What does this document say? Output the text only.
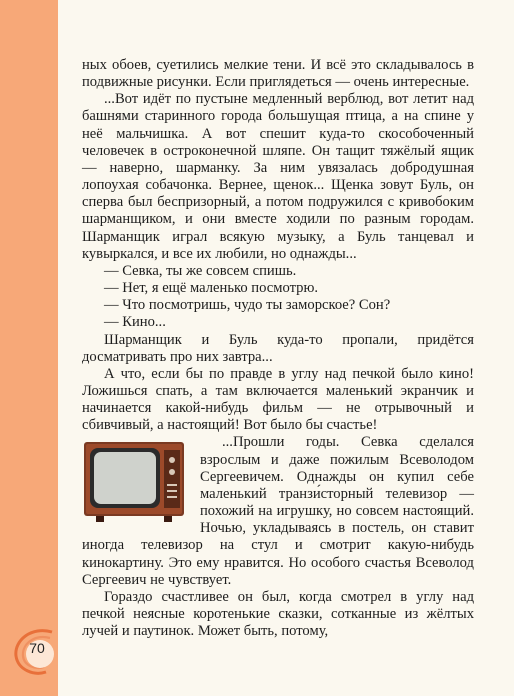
70

ных обоев, суетились мелкие тени. И всё это складывалось в подвижные рисунки. Если приглядеться — очень интересные.

...Вот идёт по пустыне медленный верблюд, вот летит над башнями старинного города большущая птица, а на спине у неё мальчишка. А вот спешит куда-то скособоченный человечек в остроконечной шляпе. Он тащит тяжёлый ящик — наверно, шарманку. За ним увязалась добродушная лопоухая собачонка. Вернее, щенок... Щенка зовут Буль, он сперва был беспризорный, а потом подружился с кривобоким шарманщиком, и они вместе ходили по разным городам. Шарманщик играл всякую музыку, а Буль танцевал и кувыркался, и все их любили, но однажды...

— Севка, ты же совсем спишь.

— Нет, я ещё маленько посмотрю.

— Что посмотришь, чудо ты заморское? Сон?

— Кино...

Шарманщик и Буль куда-то пропали, придётся досматривать про них завтра...

А что, если бы по правде в углу над печкой было кино! Ложишься спать, а там включается маленький экранчик и начинается какой-нибудь фильм — не отрывочный и сбивчивый, а настоящий! Вот было бы счастье!

...Прошли годы. Севка сделался взрослым и даже пожилым Всеволодом Сергеевичем. Однажды он купил себе маленький транзи́сторный телевизор — похожий на игрушку, но совсем настоящий. Ночью, укладываясь в постель, он ставит иногда телевизор на стул и смотрит какую-нибудь кинокартину. Это ему нравится. Но особого счастья Всеволод Сергеевич не чувствует.

Гораздо счастливее он был, когда смотрел в углу над печкой неясные коротенькие сказки, сотканные из жёлтых лучей и паутинок. Может быть, потому,
